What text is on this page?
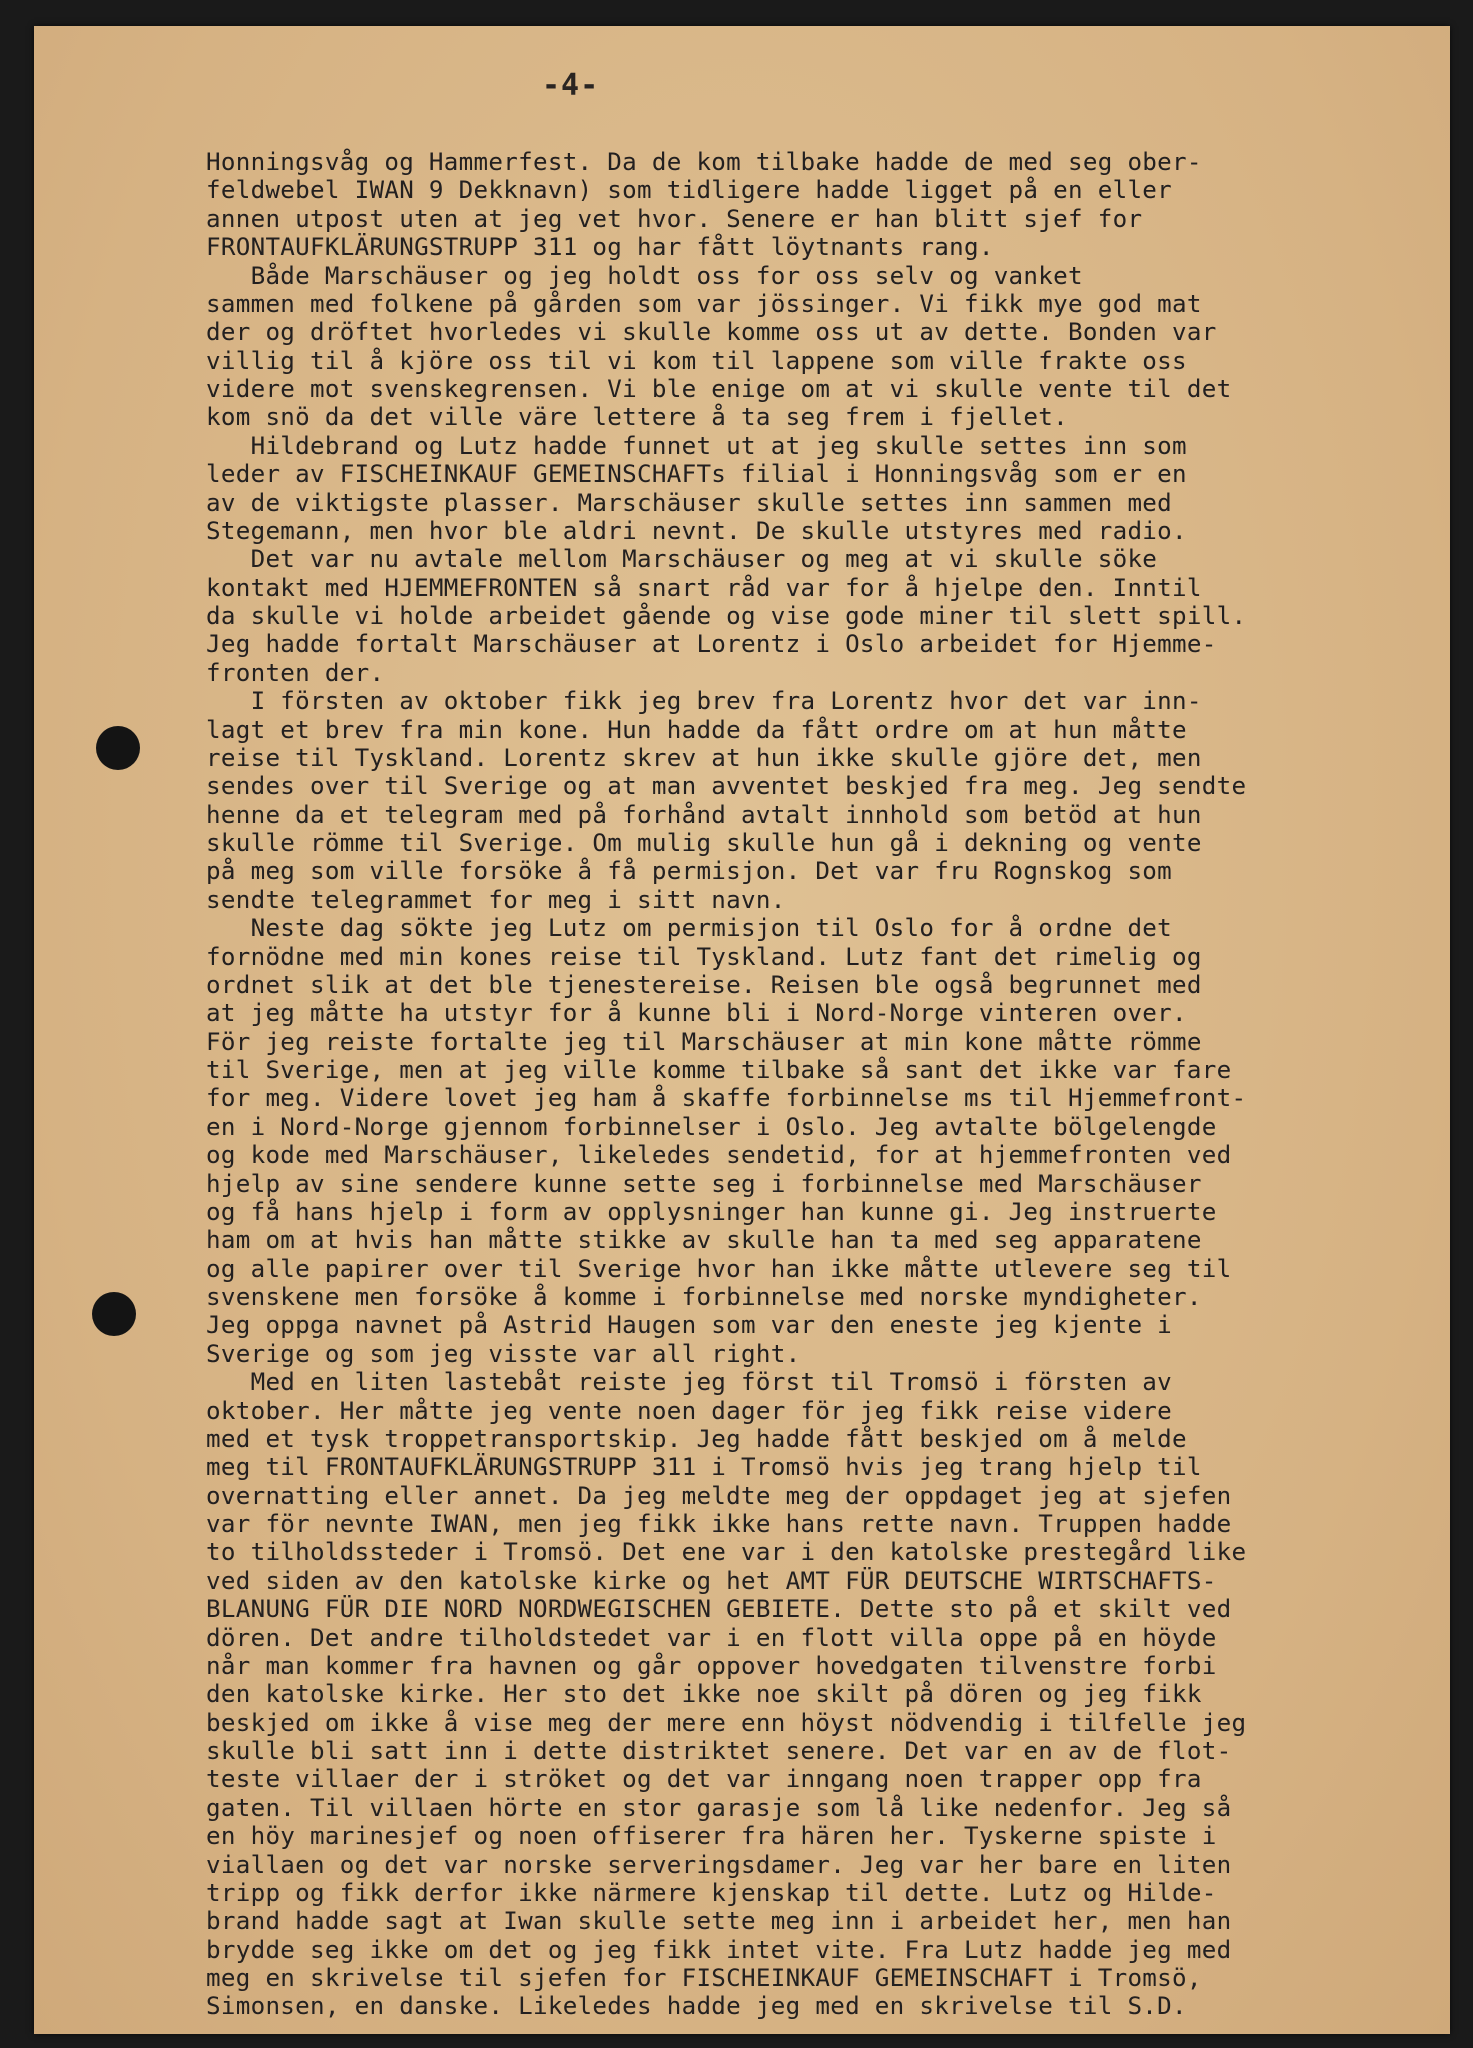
-4-
Honningsvåg og Hammerfest. Da de kom tilbake hadde de med seg ober-
feldwebel IWAN 9 Dekknavn) som tidligere hadde ligget på en eller
annen utpost uten at jeg vet hvor. Senere er han blitt sjef for
FRONTAUFKLÄRUNGSTRUPP 311 og har fått löytnants rang.
Både Marschäuser og jeg holdt oss for oss selv og vanket
sammen med folkene på gården som var jössinger. Vi fikk mye god mat
der og dröftet hvorledes vi skulle komme oss ut av dette. Bonden var
villig til å kjöre oss til vi kom til lappene som ville frakte oss
videre mot svenskegrensen. Vi ble enige om at vi skulle vente til det
kom snö da det ville väre lettere å ta seg frem i fjellet.
Hildebrand og Lutz hadde funnet ut at jeg skulle settes inn som
leder av FISCHEINKAUF GEMEINSCHAFTs filial i Honningsvåg som er en
av de viktigste plasser. Marschäuser skulle settes inn sammen med
Stegemann, men hvor ble aldri nevnt. De skulle utstyres med radio.
Det var nu avtale mellom Marschäuser og meg at vi skulle söke
kontakt med HJEMMEFRONTEN så snart råd var for å hjelpe den. Inntil
da skulle vi holde arbeidet gående og vise gode miner til slett spill.
Jeg hadde fortalt Marschäuser at Lorentz i Oslo arbeidet for Hjemme-
fronten der.
I försten av oktober fikk jeg brev fra Lorentz hvor det var inn-
lagt et brev fra min kone. Hun hadde da fått ordre om at hun måtte
reise til Tyskland. Lorentz skrev at hun ikke skulle gjöre det, men
sendes over til Sverige og at man avventet beskjed fra meg. Jeg sendte
henne da et telegram med på forhånd avtalt innhold som betöd at hun
skulle römme til Sverige. Om mulig skulle hun gå i dekning og vente
på meg som ville forsöke å få permisjon. Det var fru Rognskog som
sendte telegrammet for meg i sitt navn.
Neste dag sökte jeg Lutz om permisjon til Oslo for å ordne det
fornödne med min kones reise til Tyskland. Lutz fant det rimelig og
ordnet slik at det ble tjenestereise. Reisen ble også begrunnet med
at jeg måtte ha utstyr for å kunne bli i Nord-Norge vinteren over.
För jeg reiste fortalte jeg til Marschäuser at min kone måtte römme
til Sverige, men at jeg ville komme tilbake så sant det ikke var fare
for meg. Videre lovet jeg ham å skaffe forbinnelse ms til Hjemmefront-
en i Nord-Norge gjennom forbinnelser i Oslo. Jeg avtalte bölgelengde
og kode med Marschäuser, likeledes sendetid, for at hjemmefronten ved
hjelp av sine sendere kunne sette seg i forbinnelse med Marschäuser
og få hans hjelp i form av opplysninger han kunne gi. Jeg instruerte
ham om at hvis han måtte stikke av skulle han ta med seg apparatene
og alle papirer over til Sverige hvor han ikke måtte utlevere seg til
svenskene men forsöke å komme i forbinnelse med norske myndigheter.
Jeg oppga navnet på Astrid Haugen som var den eneste jeg kjente i
Sverige og som jeg visste var all right.
Med en liten lastebåt reiste jeg först til Tromsö i försten av
oktober. Her måtte jeg vente noen dager för jeg fikk reise videre
med et tysk troppetransportskip. Jeg hadde fått beskjed om å melde
meg til FRONTAUFKLÄRUNGSTRUPP 311 i Tromsö hvis jeg trang hjelp til
overnatting eller annet. Da jeg meldte meg der oppdaget jeg at sjefen
var för nevnte IWAN, men jeg fikk ikke hans rette navn. Truppen hadde
to tilholdssteder i Tromsö. Det ene var i den katolske prestegård like
ved siden av den katolske kirke og het AMT FÜR DEUTSCHE WIRTSCHAFTS-
BLANUNG FÜR DIE NORD NORDWEGISCHEN GEBIETE. Dette sto på et skilt ved
dören. Det andre tilholdstedet var i en flott villa oppe på en höyde
når man kommer fra havnen og går oppover hovedgaten tilvenstre forbi
den katolske kirke. Her sto det ikke noe skilt på dören og jeg fikk
beskjed om ikke å vise meg der mere enn höyst nödvendig i tilfelle jeg
skulle bli satt inn i dette distriktet senere. Det var en av de flot-
teste villaer der i ströket og det var inngang noen trapper opp fra
gaten. Til villaen hörte en stor garasje som lå like nedenfor. Jeg så
en höy marinesjef og noen offiserer fra hären her. Tyskerne spiste i
viallaen og det var norske serveringsdamer. Jeg var her bare en liten
tripp og fikk derfor ikke närmere kjenskap til dette. Lutz og Hilde-
brand hadde sagt at Iwan skulle sette meg inn i arbeidet her, men han
brydde seg ikke om det og jeg fikk intet vite. Fra Lutz hadde jeg med
meg en skrivelse til sjefen for FISCHEINKAUF GEMEINSCHAFT i Tromsö,
Simonsen, en danske. Likeledes hadde jeg med en skrivelse til S.D.
